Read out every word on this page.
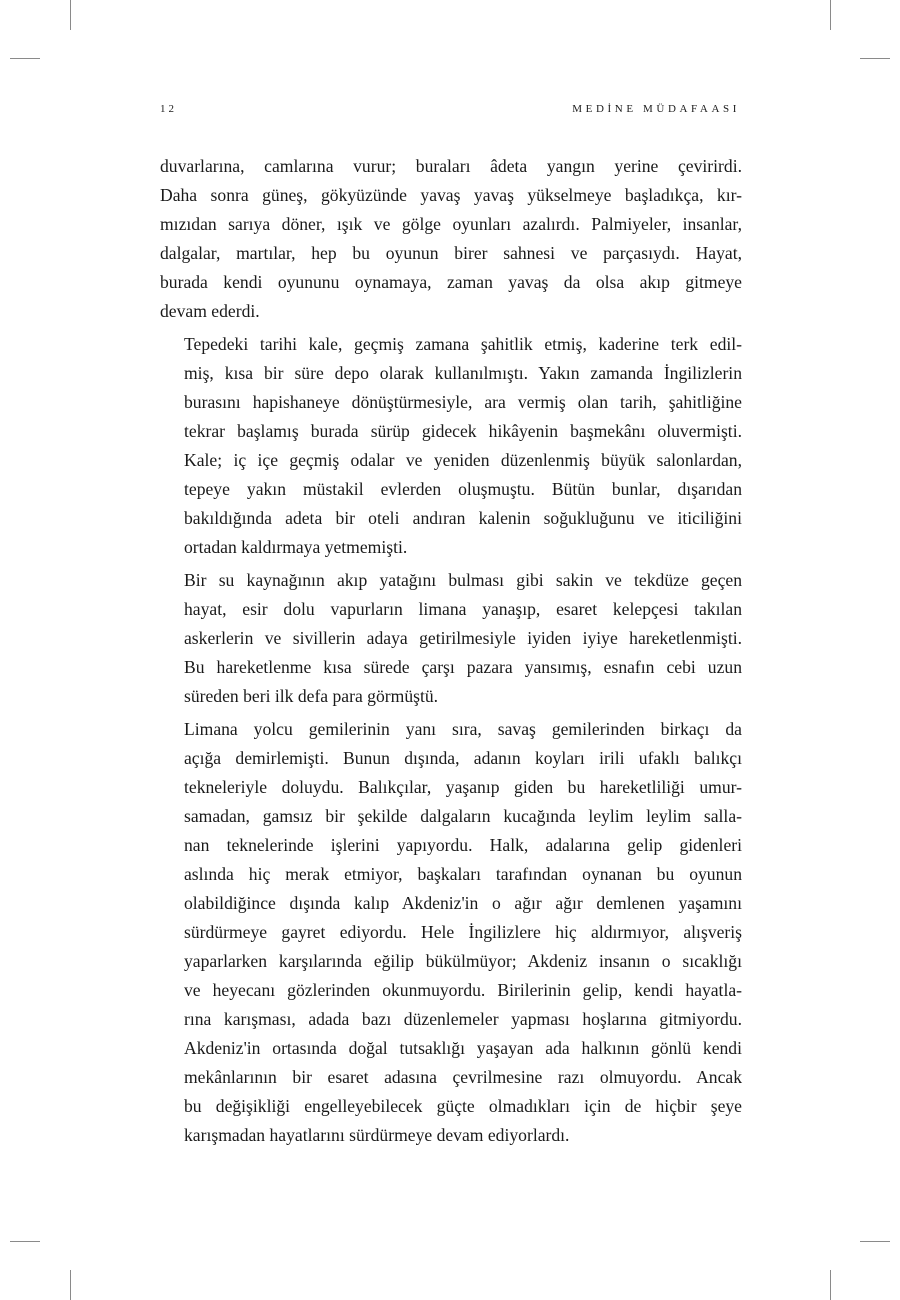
12	MEDİNE MÜDAFAASI

duvarlarına, camlarına vurur; buraları âdeta yangın yerine çevirirdi.
Daha sonra güneş, gökyüzünde yavaş yavaş yükselmeye başladıkça, kır-
mızıdan sarıya döner, ışık ve gölge oyunları azalırdı. Palmiyeler, insanlar,
dalgalar, martılar, hep bu oyunun birer sahnesi ve parçasıydı. Hayat,
burada kendi oyununu oynamaya, zaman yavaş da olsa akıp gitmeye
devam ederdi.

Tepedeki tarihi kale, geçmiş zamana şahitlik etmiş, kaderine terk edil-
miş, kısa bir süre depo olarak kullanılmıştı. Yakın zamanda İngilizlerin
burasını hapishaneye dönüştürmesiyle, ara vermiş olan tarih, şahitliğine
tekrar başlamış burada sürüp gidecek hikâyenin başmekânı oluvermişti.
Kale; iç içe geçmiş odalar ve yeniden düzenlenmiş büyük salonlardan,
tepeye yakın müstakil evlerden oluşmuştu. Bütün bunlar, dışarıdan
bakıldığında adeta bir oteli andıran kalenin soğukluğunu ve iticiliğini
ortadan kaldırmaya yetmemişti.

Bir su kaynağının akıp yatağını bulması gibi sakin ve tekdüze geçen
hayat, esir dolu vapurların limana yanaşıp, esaret kelepçesi takılan
askerlerin ve sivillerin adaya getirilmesiyle iyiden iyiye hareketlenmişti.
Bu hareketlenme kısa sürede çarşı pazara yansımış, esnafın cebi uzun
süreden beri ilk defa para görmüştü.

Limana yolcu gemilerinin yanı sıra, savaş gemilerinden birkaçı da
açığa demirlemişti. Bunun dışında, adanın koyları irili ufaklı balıkçı
tekneleriyle doluydu. Balıkçılar, yaşanıp giden bu hareketliliği umur-
samadan, gamsız bir şekilde dalgaların kucağında leylim leylim salla-
nan teknelerinde işlerini yapıyordu. Halk, adalarına gelip gidenleri
aslında hiç merak etmiyor, başkaları tarafından oynanan bu oyunun
olabildiğince dışında kalıp Akdeniz'in o ağır ağır demlenen yaşamını
sürdürmeye gayret ediyordu. Hele İngilizlere hiç aldırmıyor, alışveriş
yaparlarken karşılarında eğilip bükülmüyor; Akdeniz insanın o sıcaklığı
ve heyecanı gözlerinden okunmuyordu. Birilerinin gelip, kendi hayatla-
rına karışması, adada bazı düzenlemeler yapması hoşlarına gitmiyordu.
Akdeniz'in ortasında doğal tutsaklığı yaşayan ada halkının gönlü kendi
mekânlarının bir esaret adasına çevrilmesine razı olmuyordu. Ancak
bu değişikliği engelleyebilecek güçte olmadıkları için de hiçbir şeye
karışmadan hayatlarını sürdürmeye devam ediyorlardı.
